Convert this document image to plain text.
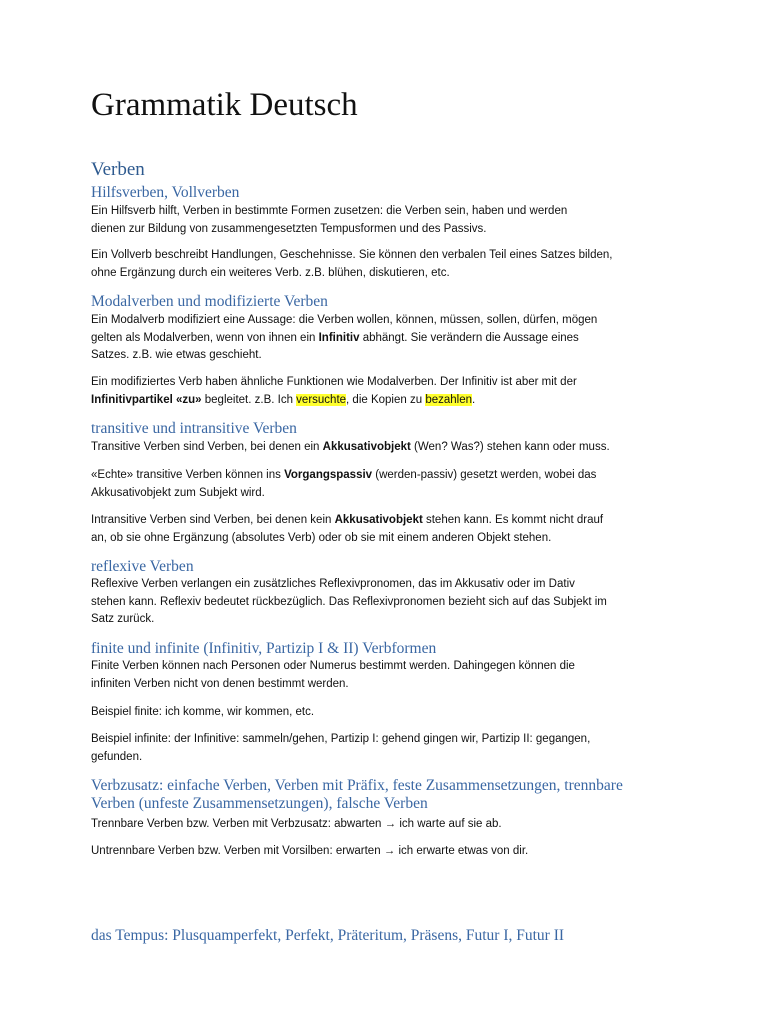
Grammatik Deutsch
Verben
Hilfsverben, Vollverben
Ein Hilfsverb hilft, Verben in bestimmte Formen zusetzen: die Verben sein, haben und werden
dienen zur Bildung von zusammengesetzten Tempusformen und des Passivs.
Ein Vollverb beschreibt Handlungen, Geschehnisse. Sie können den verbalen Teil eines Satzes bilden,
ohne Ergänzung durch ein weiteres Verb. z.B. blühen, diskutieren, etc.
Modalverben und modifizierte Verben
Ein Modalverb modifiziert eine Aussage: die Verben wollen, können, müssen, sollen, dürfen, mögen
gelten als Modalverben, wenn von ihnen ein Infinitiv abhängt. Sie verändern die Aussage eines
Satzes. z.B. wie etwas geschieht.
Ein modifiziertes Verb haben ähnliche Funktionen wie Modalverben. Der Infinitiv ist aber mit der
Infinitivpartikel «zu» begleitet. z.B. Ich versuchte, die Kopien zu bezahlen.
transitive und intransitive Verben
Transitive Verben sind Verben, bei denen ein Akkusativobjekt (Wen? Was?) stehen kann oder muss.
«Echte» transitive Verben können ins Vorgangspassiv (werden-passiv) gesetzt werden, wobei das
Akkusativobjekt zum Subjekt wird.
Intransitive Verben sind Verben, bei denen kein Akkusativobjekt stehen kann. Es kommt nicht drauf
an, ob sie ohne Ergänzung (absolutes Verb) oder ob sie mit einem anderen Objekt stehen.
reflexive Verben
Reflexive Verben verlangen ein zusätzliches Reflexivpronomen, das im Akkusativ oder im Dativ
stehen kann. Reflexiv bedeutet rückbezüglich. Das Reflexivpronomen bezieht sich auf das Subjekt im
Satz zurück.
finite und infinite (Infinitiv, Partizip I & II) Verbformen
Finite Verben können nach Personen oder Numerus bestimmt werden. Dahingegen können die
infiniten Verben nicht von denen bestimmt werden.
Beispiel finite: ich komme, wir kommen, etc.
Beispiel infinite: der Infinitive: sammeln/gehen, Partizip I: gehend gingen wir, Partizip II: gegangen,
gefunden.
Verbzusatz: einfache Verben, Verben mit Präfix, feste Zusammensetzungen, trennbare
Verben (unfeste Zusammensetzungen), falsche Verben
Trennbare Verben bzw. Verben mit Verbzusatz: abwarten → ich warte auf sie ab.
Untrennbare Verben bzw. Verben mit Vorsilben: erwarten → ich erwarte etwas von dir.
das Tempus: Plusquamperfekt, Perfekt, Präteritum, Präsens, Futur I, Futur II
